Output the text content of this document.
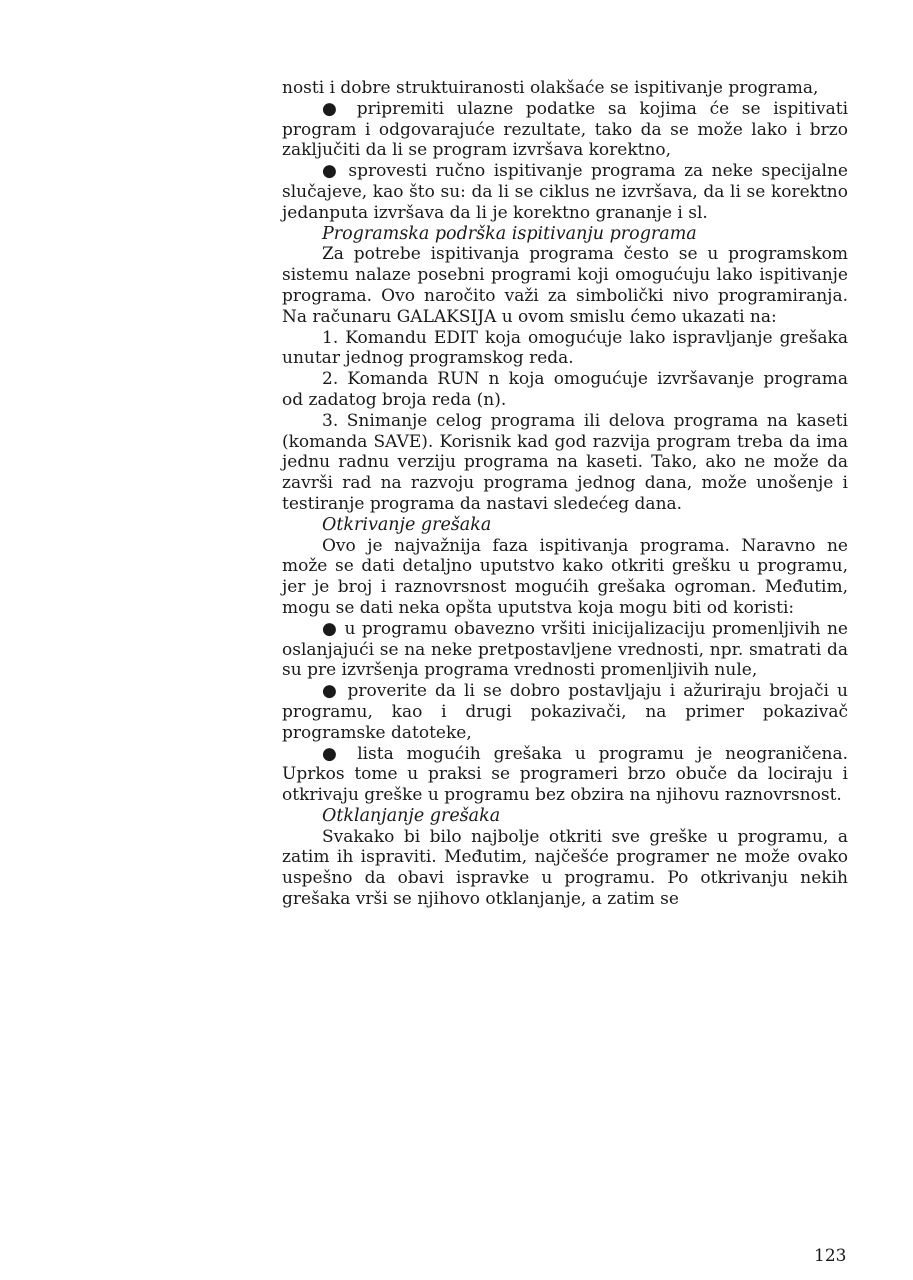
nosti i dobre struktuiranosti olakšaće se ispitivanje programa,

● pripremiti ulazne podatke sa kojima će se ispitivati program i odgovarajuće rezultate, tako da se može lako i brzo zaključiti da li se program izvršava korektno,

● sprovesti ručno ispitivanje programa za neke specijalne slučajeve, kao što su: da li se ciklus ne izvršava, da li se korektno jedanputa izvršava da li je korektno grananje i sl.

Programska podrška ispitivanju programa

Za potrebe ispitivanja programa često se u programskom sistemu nalaze posebni programi koji omogućuju lako ispitivanje programa. Ovo naročito važi za simbolički nivo programiranja. Na računaru GALAKSIJA u ovom smislu ćemo ukazati na:

1. Komandu EDIT koja omogućuje lako ispravljanje grešaka unutar jednog programskog reda.

2. Komanda RUN n koja omogućuje izvršavanje programa od zadatog broja reda (n).

3. Snimanje celog programa ili delova programa na kaseti (komanda SAVE). Korisnik kad god razvija program treba da ima jednu radnu verziju programa na kaseti. Tako, ako ne može da završi rad na razvoju programa jednog dana, može unošenje i testiranje programa da nastavi sledećeg dana.

Otkrivanje grešaka

Ovo je najvažnija faza ispitivanja programa. Naravno ne može se dati detaljno uputstvo kako otkriti grešku u programu, jer je broj i raznovrsnost mogućih grešaka ogroman. Međutim, mogu se dati neka opšta uputstva koja mogu biti od koristi:

● u programu obavezno vršiti inicijalizaciju promenljivih ne oslanjajući se na neke pretpostavljene vrednosti, npr. smatrati da su pre izvršenja programa vrednosti promenljivih nule,

● proverite da li se dobro postavljaju i ažuriraju brojači u programu, kao i drugi pokazivači, na primer pokazivač programske datoteke,

● lista mogućih grešaka u programu je neograničena. Uprkos tome u praksi se programeri brzo obuče da lociraju i otkrivaju greške u programu bez obzira na njihovu raznovrsnost.

Otklanjanje grešaka

Svakako bi bilo najbolje otkriti sve greške u programu, a zatim ih ispraviti. Međutim, najčešće programer ne može ovako uspešno da obavi ispravke u programu. Po otkrivanju nekih grešaka vrši se njihovo otklanjanje, a zatim se

123
